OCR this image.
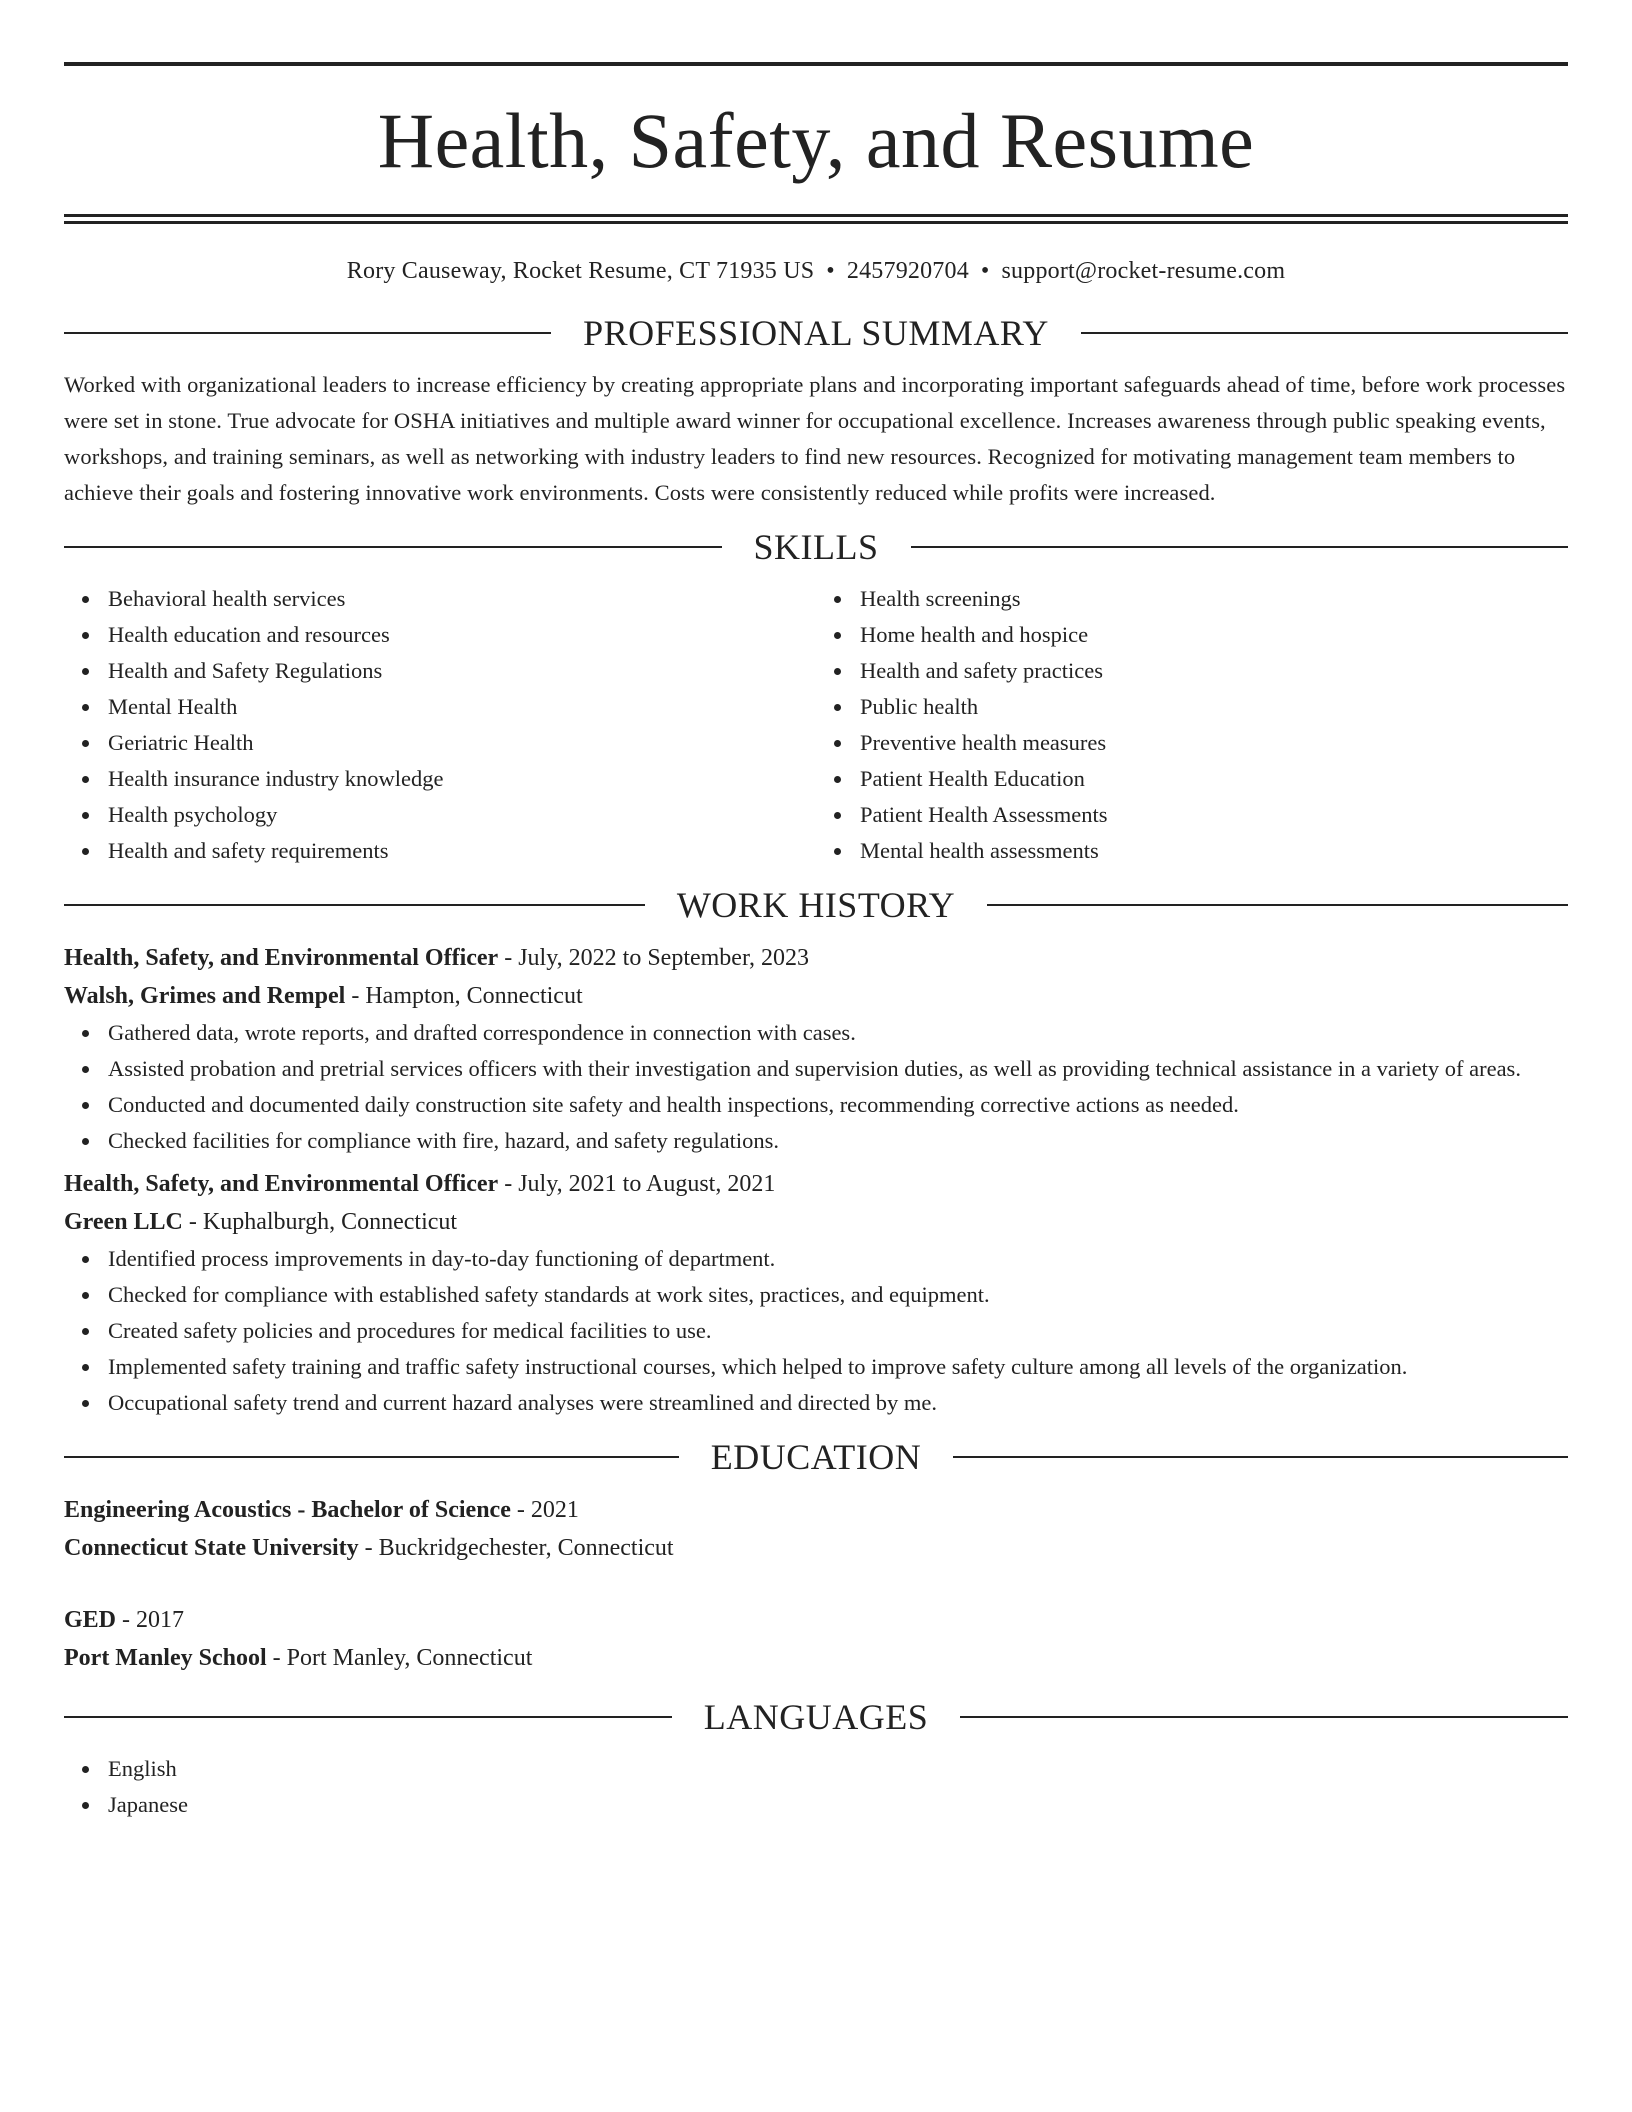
Health, Safety, and Resume
Rory Causeway, Rocket Resume, CT 71935 US • 2457920704 • support@rocket-resume.com
PROFESSIONAL SUMMARY

Worked with organizational leaders to increase efficiency by creating appropriate plans and incorporating important safeguards ahead of time, before work processes were set in stone. True advocate for OSHA initiatives and multiple award winner for occupational excellence. Increases awareness through public speaking events, workshops, and training seminars, as well as networking with industry leaders to find new resources. Recognized for motivating management team members to achieve their goals and fostering innovative work environments. Costs were consistently reduced while profits were increased.

SKILLS
Behavioral health services
Health education and resources
Health and Safety Regulations
Mental Health
Geriatric Health
Health insurance industry knowledge
Health psychology
Health and safety requirements
Health screenings
Home health and hospice
Health and safety practices
Public health
Preventive health measures
Patient Health Education
Patient Health Assessments
Mental health assessments
WORK HISTORY
Health, Safety, and Environmental Officer - July, 2022 to September, 2023
Walsh, Grimes and Rempel - Hampton, Connecticut
Gathered data, wrote reports, and drafted correspondence in connection with cases.
Assisted probation and pretrial services officers with their investigation and supervision duties, as well as providing technical assistance in a variety of areas.
Conducted and documented daily construction site safety and health inspections, recommending corrective actions as needed.
Checked facilities for compliance with fire, hazard, and safety regulations.
Health, Safety, and Environmental Officer - July, 2021 to August, 2021
Green LLC - Kuphalburgh, Connecticut
Identified process improvements in day-to-day functioning of department.
Checked for compliance with established safety standards at work sites, practices, and equipment.
Created safety policies and procedures for medical facilities to use.
Implemented safety training and traffic safety instructional courses, which helped to improve safety culture among all levels of the organization.
Occupational safety trend and current hazard analyses were streamlined and directed by me.
EDUCATION
Engineering Acoustics - Bachelor of Science - 2021
Connecticut State University - Buckridgechester, Connecticut
GED - 2017
Port Manley School - Port Manley, Connecticut
LANGUAGES
English
Japanese
